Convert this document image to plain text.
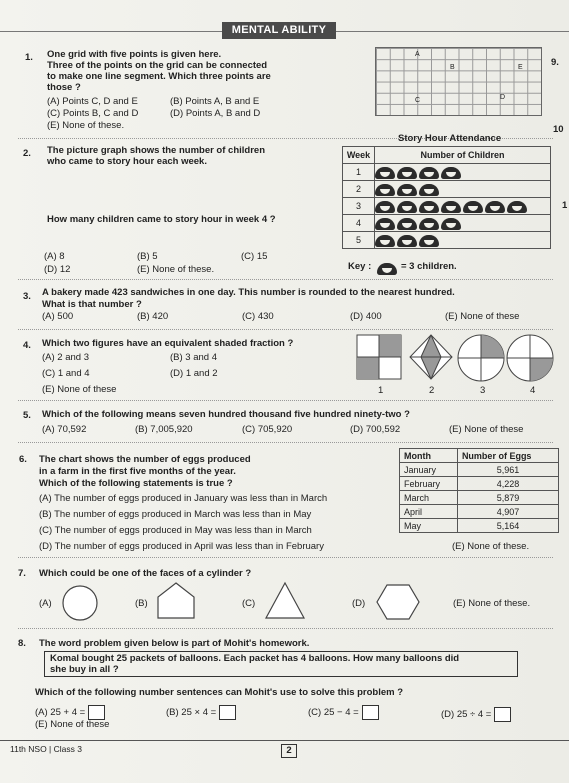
MENTAL ABILITY
9.
10
1
1. One grid with five points is given here.
Three of the points on the grid can be connected
to make one line segment. Which three points are
those ?
(A) Points C, D and E	(B) Points A, B and E
(C) Points B, C and D	(D) Points A, B and D
(E) None of these.
A
B	E
C	D
2. The picture graph shows the number of children
who came to story hour each week.
How many children came to story hour in week 4 ?
(A) 8	(B) 5	(C) 15
(D) 12	(E) None of these.
Story Hour Attendance
Week	Number of Children
1	
2	
3	
4	
5	
Key :	= 3 children.
3. A bakery made 423 sandwiches in one day. This number is rounded to the nearest hundred.
What is that number ?
(A) 500	(B) 420	(C) 430	(D) 400	(E) None of these
4. Which two figures have an equivalent shaded fraction ?
(A) 2 and 3	(B) 3 and 4
(C) 1 and 4	(D) 1 and 2
(E) None of these	1	2	3	4
5. Which of the following means seven hundred thousand five hundred ninety-two ?
(A) 70,592	(B) 7,005,920	(C) 705,920	(D) 700,592	(E) None of these
6. The chart shows the number of eggs produced
in a farm in the first five months of the year.
Which of the following statements is true ?
(A) The number of eggs produced in January was less than in March
(B) The number of eggs produced in March was less than in May
(C) The number of eggs produced in May was less than in March
(D) The number of eggs produced in April was less than in February	(E) None of these.
Month	Number of Eggs
January	5,961
February	4,228
March	5,879
April	4,907
May	5,164
7. Which could be one of the faces of a cylinder ?
(A)	(B)	(C)	(D)	(E) None of these.
8. The word problem given below is part of Mohit's homework.
Komal bought 25 packets of balloons. Each packet has 4 balloons. How many balloons did
she buy in all ?
Which of the following number sentences can Mohit's use to solve this problem ?
(A) 25 + 4 =	(B) 25 × 4 =	(C) 25 − 4 =	(D) 25 ÷ 4 =
(E) None of these
11th NSO | Class 3	2
